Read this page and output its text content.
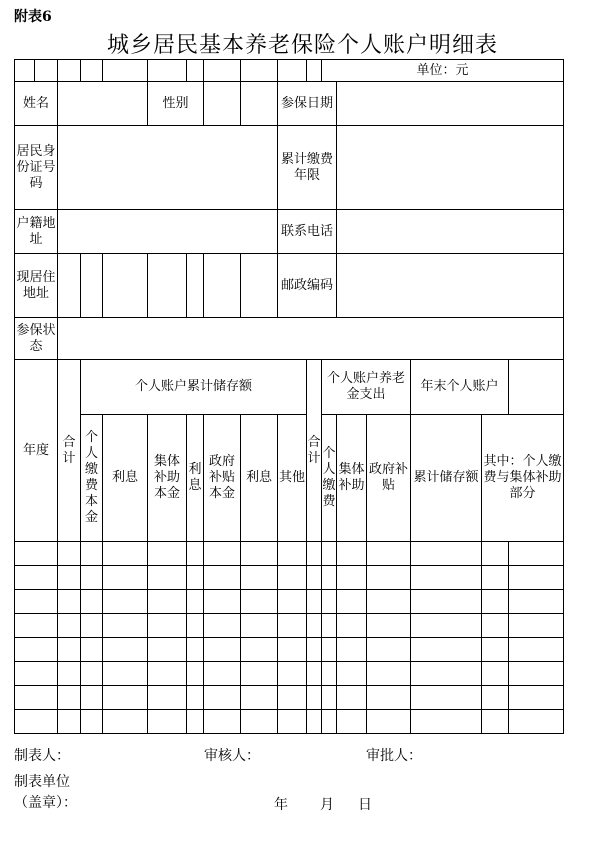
附表6
城乡居民基本养老保险个人账户明细表
											单位：元					
姓名					性别				参保日期							
居民身份证号码									累计缴费年限							
户籍地址									联系电话							
现居住地址									邮政编码							
参保状态																
年度		合计	个人账户累计储存额							合计	个人账户养老金支出			年末个人账户		
			个人缴费本金	利息	集体补助本金	利息	政府补贴本金	利息	其他		个人缴费	集体补助	政府补贴	累计储存额	其中：个人缴费与集体补助部分	

制表人：	审核人：	审批人：
制表单位（盖章）：	年 月 日
